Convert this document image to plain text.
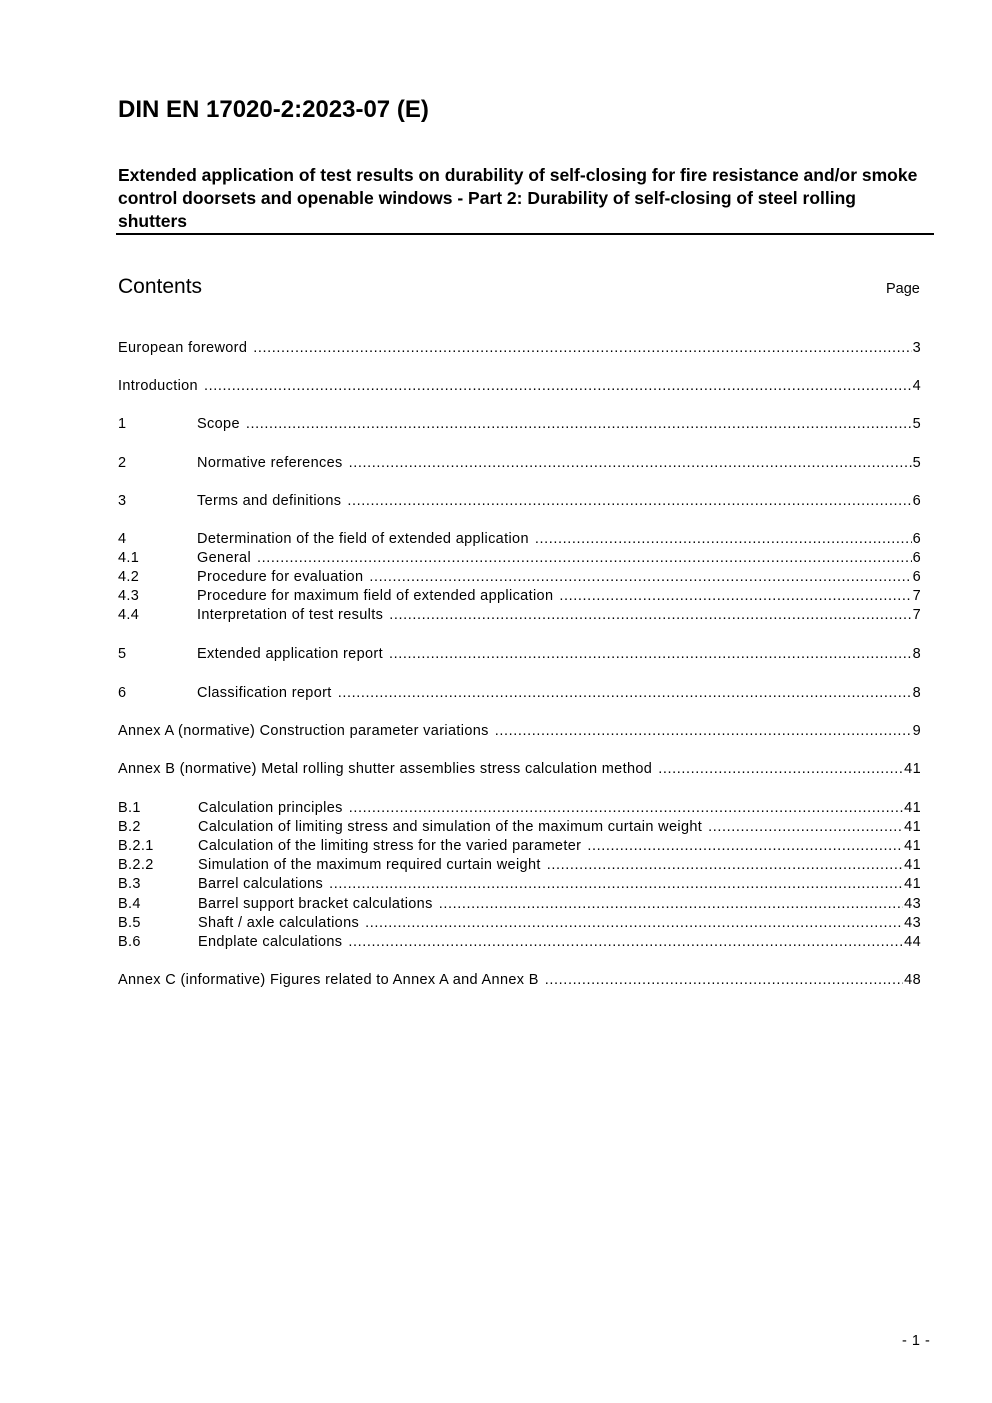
DIN EN 17020-2:2023-07 (E)
Extended application of test results on durability of self-closing for fire resistance and/or smoke control doorsets and openable windows - Part 2: Durability of self-closing of steel rolling shutters
Contents	Page
European foreword .....	3
Introduction .....	4
1	Scope .....	5
2	Normative references .....	5
3	Terms and definitions .....	6
4	Determination of the field of extended application .....	6
4.1	General .....	6
4.2	Procedure for evaluation .....	6
4.3	Procedure for maximum field of extended application .....	7
4.4	Interpretation of test results .....	7
5	Extended application report .....	8
6	Classification report .....	8
Annex A (normative) Construction parameter variations .....	9
Annex B (normative) Metal rolling shutter assemblies stress calculation method .....	41
B.1	Calculation principles .....	41
B.2	Calculation of limiting stress and simulation of the maximum curtain weight .....	41
B.2.1	Calculation of the limiting stress for the varied parameter .....	41
B.2.2	Simulation of the maximum required curtain weight .....	41
B.3	Barrel calculations .....	41
B.4	Barrel support bracket calculations .....	43
B.5	Shaft / axle calculations .....	43
B.6	Endplate calculations .....	44
Annex C (informative) Figures related to Annex A and Annex B .....	48
- 1 -
